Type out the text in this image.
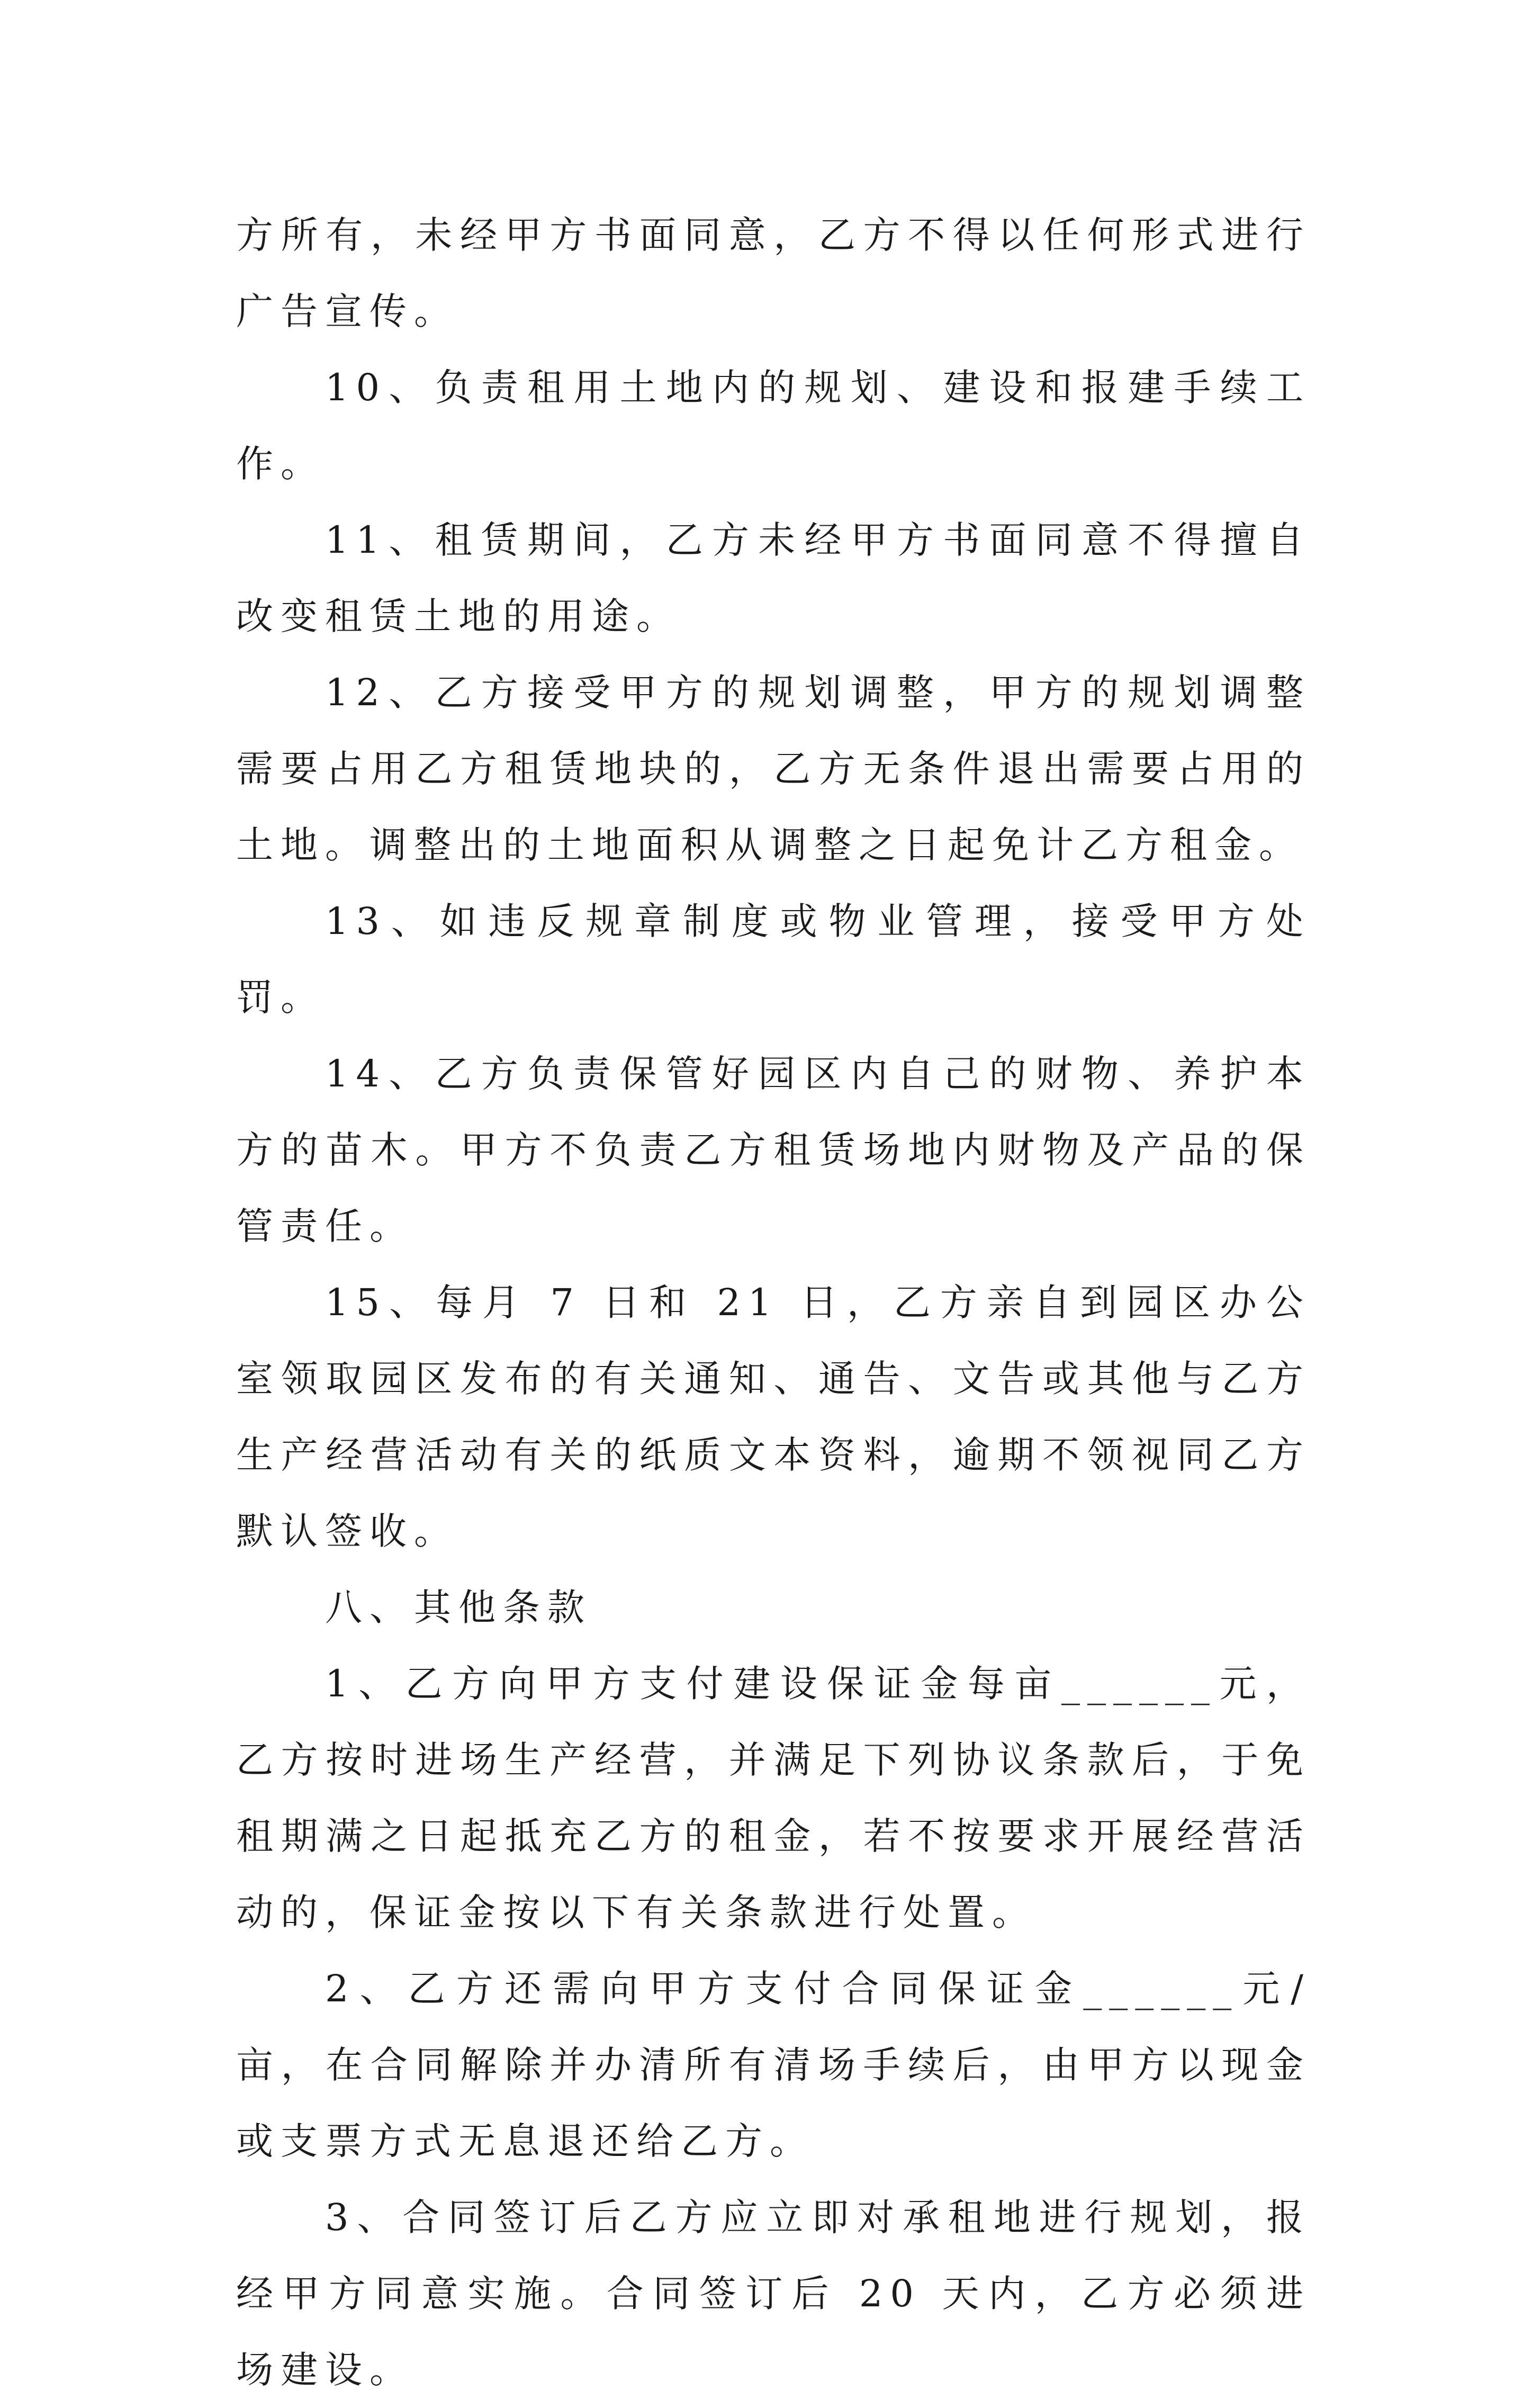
方所有，未经甲方书面同意，乙方不得以任何形式进行广告宣传。

10、负责租用土地内的规划、建设和报建手续工作。

11、租赁期间，乙方未经甲方书面同意不得擅自改变租赁土地的用途。

12、乙方接受甲方的规划调整，甲方的规划调整需要占用乙方租赁地块的，乙方无条件退出需要占用的土地。调整出的土地面积从调整之日起免计乙方租金。

13、如违反规章制度或物业管理，接受甲方处罚。

14、乙方负责保管好园区内自己的财物、养护本方的苗木。甲方不负责乙方租赁场地内财物及产品的保管责任。

15、每月 7 日和 21 日，乙方亲自到园区办公室领取园区发布的有关通知、通告、文告或其他与乙方生产经营活动有关的纸质文本资料，逾期不领视同乙方默认签收。

八、其他条款

1、乙方向甲方支付建设保证金每亩______元，乙方按时进场生产经营，并满足下列协议条款后，于免租期满之日起抵充乙方的租金，若不按要求开展经营活动的，保证金按以下有关条款进行处置。

2、乙方还需向甲方支付合同保证金______元/亩，在合同解除并办清所有清场手续后，由甲方以现金或支票方式无息退还给乙方。

3、合同签订后乙方应立即对承租地进行规划，报经甲方同意实施。合同签订后 20 天内，乙方必须进场建设。
